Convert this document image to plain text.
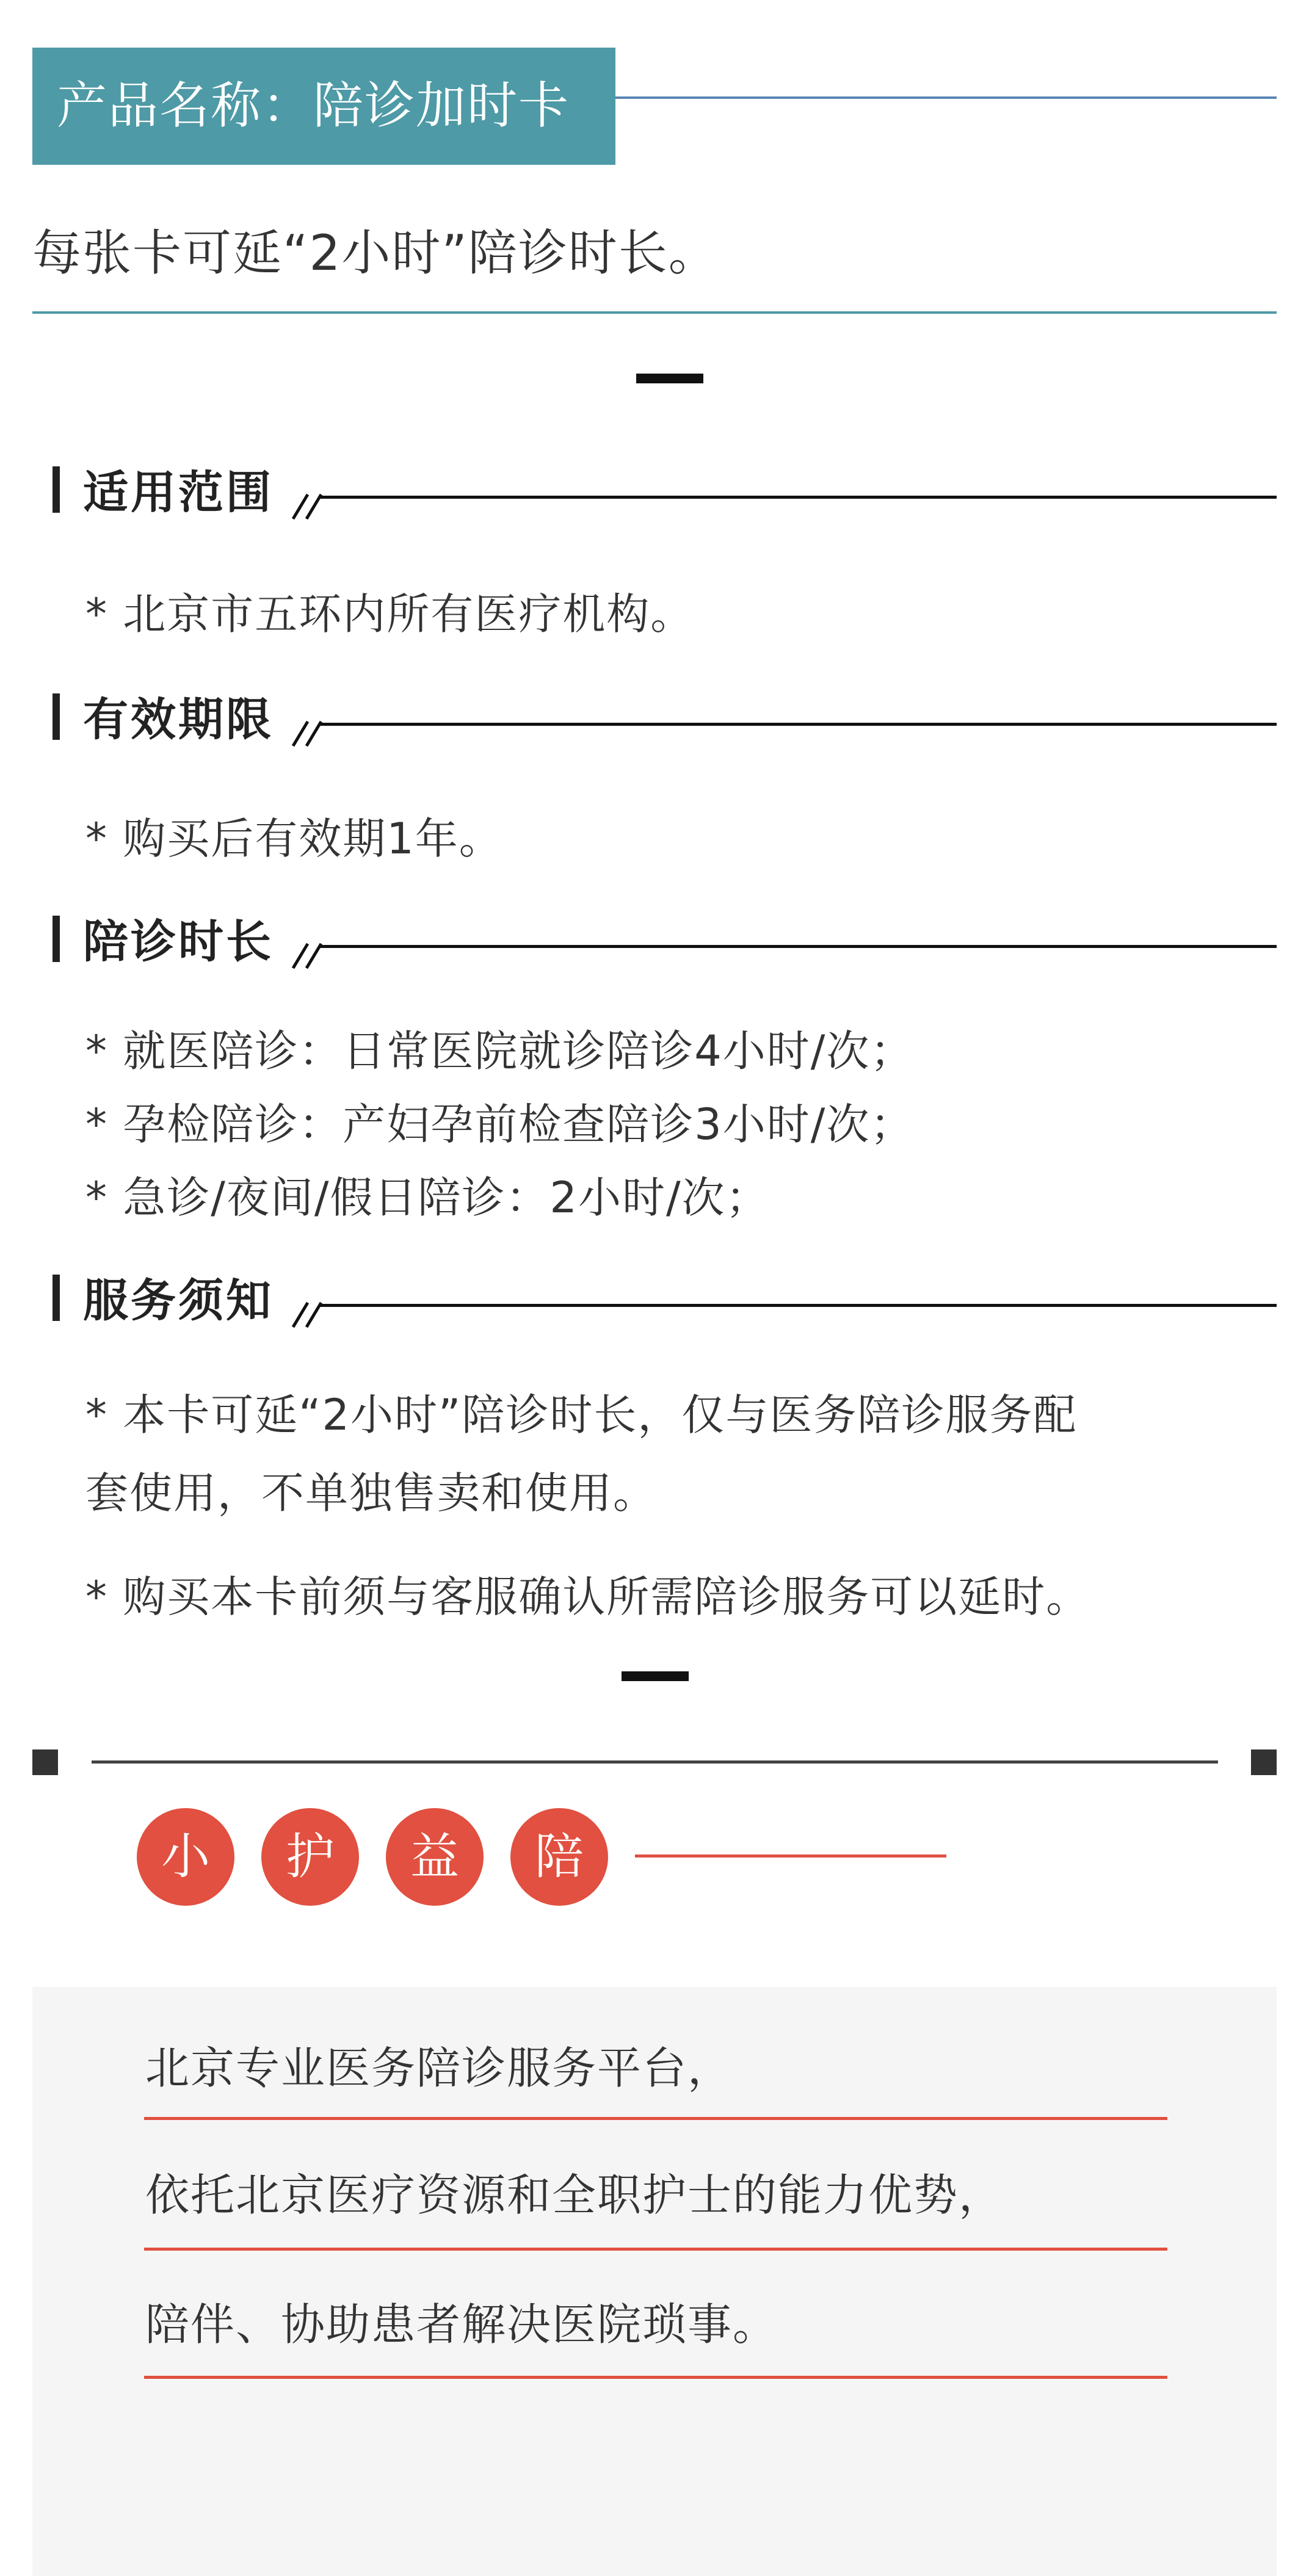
产品名称：陪诊加时卡
每张卡可延“2小时”陪诊时长。
适用范围
* 北京市五环内所有医疗机构。
有效期限
* 购买后有效期1年。
陪诊时长
* 就医陪诊：日常医院就诊陪诊4小时/次；
* 孕检陪诊：产妇孕前检查陪诊3小时/次；
* 急诊/夜间/假日陪诊：2小时/次；
服务须知
* 本卡可延“2小时”陪诊时长，仅与医务陪诊服务配
套使用，不单独售卖和使用。
* 购买本卡前须与客服确认所需陪诊服务可以延时。
小	护	益	陪
北京专业医务陪诊服务平台，
依托北京医疗资源和全职护士的能力优势，
陪伴、协助患者解决医院琐事。
